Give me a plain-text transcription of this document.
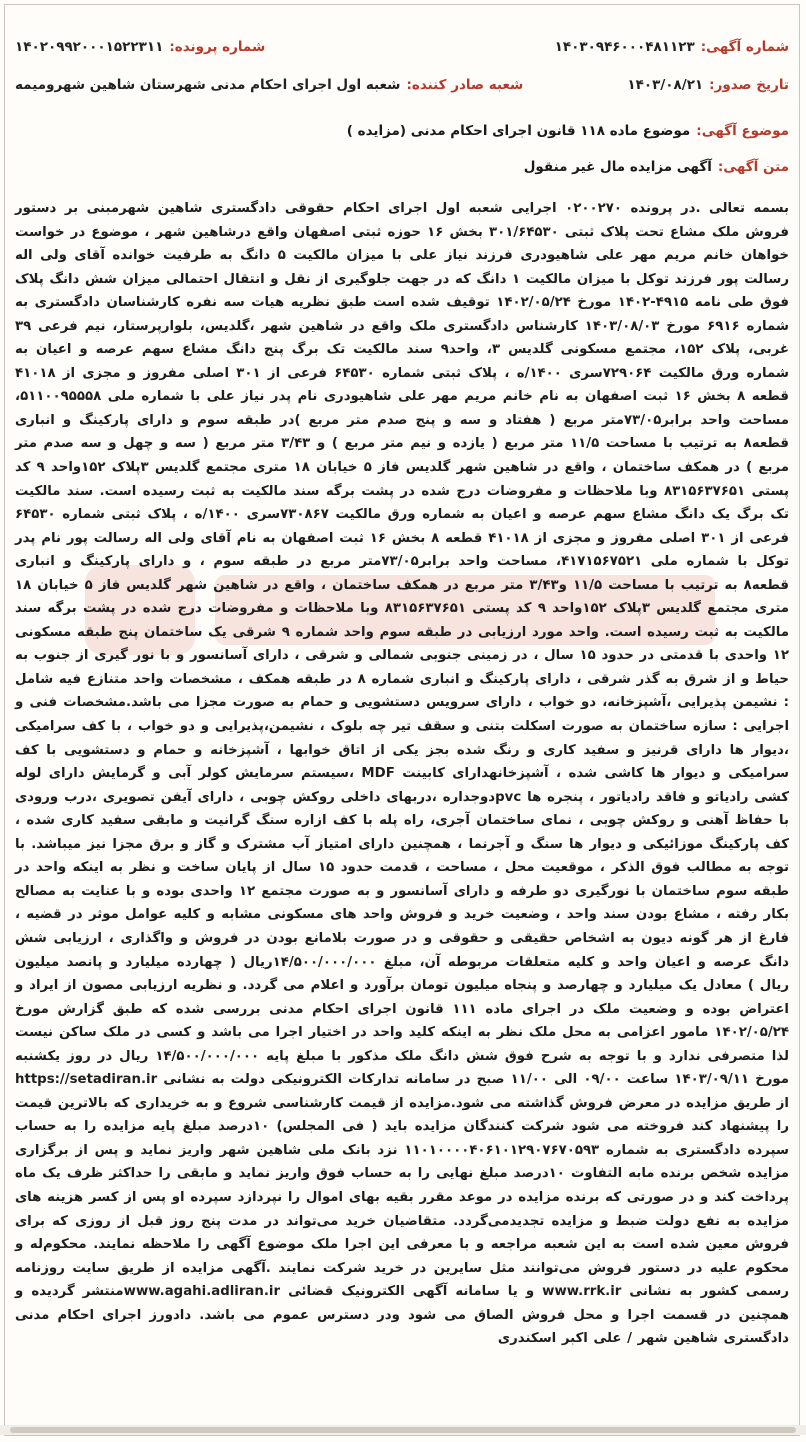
شماره آگهی:
۱۴۰۳۰۹۴۶۰۰۰۴۸۱۱۲۳
شماره پرونده:
۱۴۰۲۰۹۹۲۰۰۰۱۵۲۲۳۱۱
تاریخ صدور:
۱۴۰۳/۰۸/۲۱
شعبه صادر کننده:
شعبه اول اجرای احکام مدنی شهرستان شاهین شهرومیمه
موضوع آگهی:
موضوع ماده ۱۱۸ قانون اجرای احکام مدنی (مزایده )
متن آگهی:
آگهی مزایده مال غیر منقول
بسمه تعالی .در پرونده ۰۲۰۰۲۷۰ اجرایی شعبه اول اجرای احکام حقوقی دادگستری شاهین شهرمبنی بر دستور فروش ملک مشاع تحت پلاک ثبتی ۳۰۱/۶۴۵۳۰ بخش ۱۶ حوزه ثبتی اصفهان واقع درشاهین شهر ، موضوع در خواست خواهان خانم مریم مهر علی شاهیودری فرزند نیاز علی با میزان مالکیت ۵ دانگ به طرفیت خوانده آقای ولی اله رسالت پور فرزند توکل با میزان مالکیت ۱ دانگ که در جهت جلوگیری از نقل و انتقال احتمالی میزان شش دانگ پلاک فوق طی نامه ۴۹۱۵-۱۴۰۲ مورخ ۱۴۰۲/۰۵/۲۴ توقیف شده است طبق نظریه هیات سه نفره کارشناسان دادگستری به شماره ۶۹۱۶ مورخ ۱۴۰۳/۰۸/۰۳ کارشناس دادگستری ملک واقع در شاهین شهر ،گلدیس، بلوارپرستار، نیم فرعی ۳۹ غربی، پلاک ۱۵۲، مجتمع مسکونی گلدیس ۳، واحد۹ سند مالکیت تک برگ پنج دانگ مشاع سهم عرصه و اعیان به شماره ورق مالکیت ۷۲۹۰۶۴سری ۱۴۰۰/ه ، پلاک ثبتی شماره ۶۴۵۳۰ فرعی از ۳۰۱ اصلی مفروز و مجزی از ۴۱۰۱۸ قطعه ۸ بخش ۱۶ ثبت اصفهان به نام خانم مریم مهر علی شاهیودری نام پدر نیاز علی با شماره ملی ۵۱۱۰۰۹۵۵۵۸، مساحت واحد برابر۷۳/۰۵متر مربع ( هفتاد و سه و پنج صدم متر مربع )در طبقه سوم و دارای پارکینگ و انباری قطعه۸ به ترتیب با مساحت ۱۱/۵ متر مربع ( یازده و نیم متر مربع ) و ۳/۴۳ متر مربع ( سه و چهل و سه صدم متر مربع ) در همکف ساختمان ، واقع در شاهین شهر گلدیس فاز ۵ خیابان ۱۸ متری مجتمع گلدیس ۳پلاک ۱۵۲واحد ۹ کد پستی ۸۳۱۵۶۳۷۶۵۱ وبا ملاحظات و مفروضات درج شده در پشت برگه سند مالکیت به ثبت رسیده است. سند مالکیت تک برگ یک دانگ مشاع سهم عرصه و اعیان به شماره ورق مالکیت ۷۳۰۸۶۷سری ۱۴۰۰/ه ، پلاک ثبتی شماره ۶۴۵۳۰ فرعی از ۳۰۱ اصلی مفروز و مجزی از ۴۱۰۱۸ قطعه ۸ بخش ۱۶ ثبت اصفهان به نام آقای ولی اله رسالت پور نام پدر توکل با شماره ملی ۴۱۷۱۵۶۷۵۲۱، مساحت واحد برابر۷۳/۰۵متر مربع در طبقه سوم ، و دارای پارکینگ و انباری قطعه۸ به ترتیب با مساحت ۱۱/۵ و۳/۴۳ متر مربع در همکف ساختمان ، واقع در شاهین شهر گلدیس فاز ۵ خیابان ۱۸ متری مجتمع گلدیس ۳پلاک ۱۵۲واحد ۹ کد پستی ۸۳۱۵۶۳۷۶۵۱ وبا ملاحظات و مفروضات درج شده در پشت برگه سند مالکیت به ثبت رسیده است. واحد مورد ارزیابی در طبقه سوم واحد شماره ۹ شرقی یک ساختمان پنج طبقه مسکونی ۱۲ واحدی با قدمتی در حدود ۱۵ سال ، در زمینی جنوبی شمالی و شرقی ، دارای آسانسور و با نور گیری از جنوب به حیاط و از شرق به گذر شرقی ، دارای پارکینگ و انباری شماره ۸ در طبقه همکف ، مشخصات واحد متنازع فیه شامل : نشیمن پذیرایی ،آشپزخانه، دو خواب ، دارای سرویس دستشویی و حمام به صورت مجزا می باشد.مشخصات فنی و اجرایی : سازه ساختمان به صورت اسکلت بتنی و سقف تیر چه بلوک ، نشیمن،پذیرایی و دو خواب ، با کف سرامیکی ،دیوار ها دارای قرنیز و سفید کاری و رنگ شده بجز یکی از اتاق خوابها ، آشپزخانه و حمام و دستشویی با کف سرامیکی و دیوار ها کاشی شده ، آشپزخانهدارای کابینت MDF ،سیستم سرمایش کولر آبی و گرمایش دارای لوله کشی رادیاتو و فاقد رادیاتور ، پنجره ها pvcدوجداره ،دربهای داخلی روکش چوبی ، دارای آیفن تصویری ،درب ورودی با حفاظ آهنی و روکش چوبی ، نمای ساختمان آجری، راه پله با کف ازاره سنگ گرانیت و مابقی سفید کاری شده ، کف پارکینگ موزائیکی و دیوار ها سنگ و آجرنما ، همچنین دارای امتیاز آب مشترک و گاز و برق مجزا نیز میباشد. با توجه به مطالب فوق الذکر ، موقعیت محل ، مساحت ، قدمت حدود ۱۵ سال از پایان ساخت و نظر به اینکه واحد در طبقه سوم ساختمان با نورگیری دو طرفه و دارای آسانسور و به صورت مجتمع ۱۲ واحدی بوده و با عنایت به مصالح بکار رفته ، مشاع بودن سند واحد ، وضعیت خرید و فروش واحد های مسکونی مشابه و کلیه عوامل موثر در قضیه ، فارغ از هر گونه دیون به اشخاص حقیقی و حقوقی و در صورت بلامانع بودن در فروش و واگذاری ، ارزیابی شش دانگ عرصه و اعیان واحد و کلیه متعلقات مربوطه آن، مبلغ ۱۴/۵۰۰/۰۰۰/۰۰۰ریال ( چهارده میلیارد و پانصد میلیون ریال ) معادل یک میلیارد و چهارصد و پنجاه میلیون تومان برآورد و اعلام می گردد. و نظریه ارزیابی مصون از ایراد و اعتراض بوده و وضعیت ملک در اجرای ماده ۱۱۱ قانون اجرای احکام مدنی بررسی شده که طبق گزارش مورخ ۱۴۰۲/۰۵/۲۴ مامور اعزامی به محل ملک نظر به اینکه کلید واحد در اختیار اجرا می باشد و کسی در ملک ساکن نیست لذا متصرفی ندارد و با توجه به شرح فوق شش دانگ ملک مذکور با مبلغ پایه ۱۴/۵۰۰/۰۰۰/۰۰۰ ریال در روز یکشنبه مورخ ۱۴۰۳/۰۹/۱۱ ساعت ۰۹/۰۰ الی ۱۱/۰۰ صبح در سامانه تدارکات الکترونیکی دولت به نشانی https://setadiran.ir از طریق مزایده در معرض فروش گذاشته می شود.مزایده از قیمت کارشناسی شروع و به خریداری که بالاترین قیمت را پیشنهاد کند فروخته می شود شرکت کنندگان مزایده باید ( فی المجلس) ۱۰درصد مبلغ پایه مزایده را به حساب سپرده دادگستری به شماره ۱۱۰۱۰۰۰۰۴۰۶۱۰۱۲۹۰۷۶۷۰۵۹۳ نزد بانک ملی شاهین شهر واریز نماید و پس از برگزاری مزایده شخص برنده مابه التفاوت ۱۰درصد مبلغ نهایی را به حساب فوق واریز نماید و مابقی را حداکثر ظرف یک ماه پرداخت کند و در صورتی که برنده مزایده در موعد مقرر بقیه بهای اموال را نپردازد سپرده او پس از کسر هزینه های مزایده به نفع دولت ضبط و مزایده تجدیدمی‌گردد. متقاضیان خرید می‌تواند در مدت پنج روز قبل از روزی که برای فروش معین شده است به این شعبه مراجعه و با معرفی این اجرا ملک موضوع آگهی را ملاحظه نمایند. محکوم‌له و محکوم علیه در دستور فروش می‌توانند مثل سایرین در خرید شرکت نمایند .آگهی مزایده از طریق سایت روزنامه رسمی کشور به نشانی www.rrk.ir و یا سامانه آگهی الکترونیک قضائی www.agahi.adliran.irمنتشر گردیده و همچنین در قسمت اجرا و محل فروش الصاق می شود ودر دسترس عموم می باشد. دادورز اجرای احکام مدنی دادگستری شاهین شهر / علی اکبر اسکندری
